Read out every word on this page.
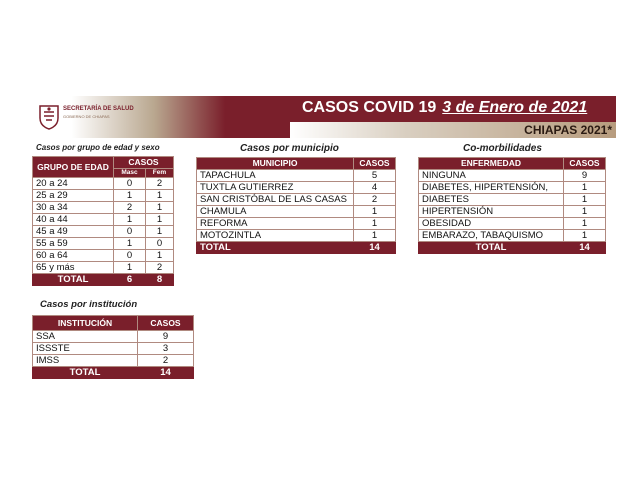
SECRETARÍA DE SALUD
GOBIERNO DE CHIAPAS
CASOS COVID 19 3 de Enero de 2021
CHIAPAS 2021*
Casos por grupo de edad y sexo
GRUPO DE EDAD	CASOS	
	Masc	Fem
20 a 24	0	2
25 a 29	1	1
30 a 34	2	1
40 a 44	1	1
45 a 49	0	1
55 a 59	1	0
60 a 64	0	1
65 y más	1	2
TOTAL	6	8
Casos por institución
INSTITUCIÓN	CASOS
SSA	9
ISSSTE	3
IMSS	2
TOTAL	14
Casos por municipio
MUNICIPIO	CASOS
TAPACHULA	5
TUXTLA GUTIERREZ	4
SAN CRISTÓBAL DE LAS CASAS	2
CHAMULA	1
REFORMA	1
MOTOZINTLA	1
TOTAL	14
Co-morbilidades
ENFERMEDAD	CASOS
NINGUNA	9
DIABETES, HIPERTENSIÓN,	1
DIABETES	1
HIPERTENSIÓN	1
OBESIDAD	1
EMBARAZO, TABAQUISMO	1
TOTAL	14
